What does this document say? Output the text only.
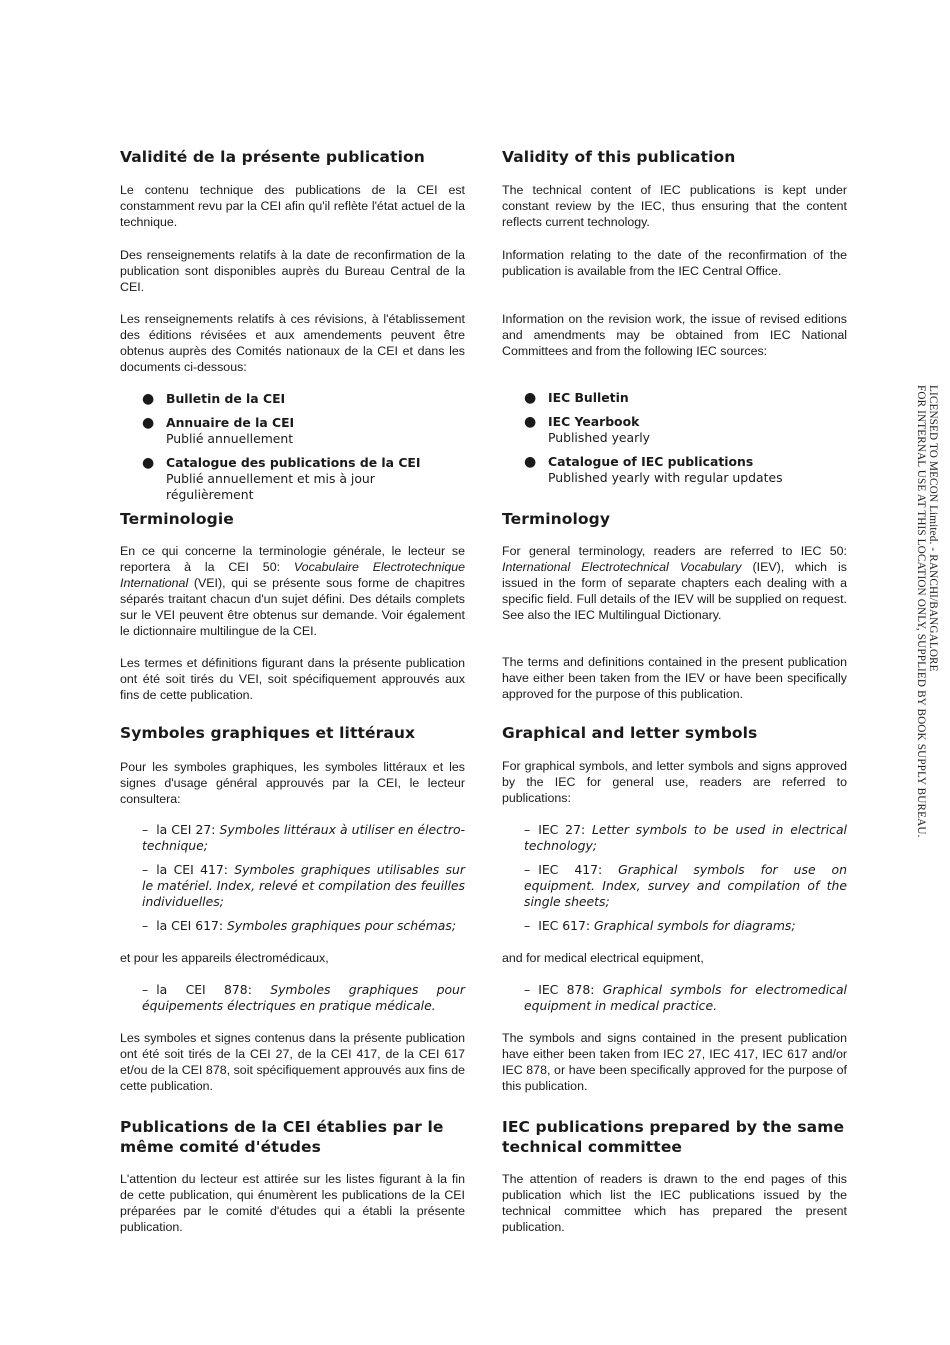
Validité de la présente publication

Le contenu technique des publications de la CEI est constamment revu par la CEI afin qu'il reflète l'état actuel de la technique.

Des renseignements relatifs à la date de reconfirmation de la publication sont disponibles auprès du Bureau Central de la CEI.

Les renseignements relatifs à ces révisions, à l'établissement des éditions révisées et aux amendements peuvent être obtenus auprès des Comités nationaux de la CEI et dans les documents ci-dessous:

● Bulletin de la CEI
● Annuaire de la CEI
Publié annuellement
● Catalogue des publications de la CEI
Publié annuellement et mis à jour régulièrement
Terminologie

En ce qui concerne la terminologie générale, le lecteur se reportera à la CEI 50: Vocabulaire Electrotechnique International (VEI), qui se présente sous forme de chapitres séparés traitant chacun d'un sujet défini. Des détails complets sur le VEI peuvent être obtenus sur demande. Voir également le dictionnaire multilingue de la CEI.

Les termes et définitions figurant dans la présente publication ont été soit tirés du VEI, soit spécifiquement approuvés aux fins de cette publication.

Symboles graphiques et littéraux

Pour les symboles graphiques, les symboles littéraux et les signes d'usage général approuvés par la CEI, le lecteur consultera:

– la CEI 27: Symboles littéraux à utiliser en électro-technique;

– la CEI 417: Symboles graphiques utilisables sur le matériel. Index, relevé et compilation des feuilles individuelles;

– la CEI 617: Symboles graphiques pour schémas;

et pour les appareils électromédicaux,

– la CEI 878: Symboles graphiques pour équipements électriques en pratique médicale.

Les symboles et signes contenus dans la présente publication ont été soit tirés de la CEI 27, de la CEI 417, de la CEI 617 et/ou de la CEI 878, soit spécifiquement approuvés aux fins de cette publication.

Publications de la CEI établies par le même comité d'études

L'attention du lecteur est attirée sur les listes figurant à la fin de cette publication, qui énumèrent les publications de la CEI préparées par le comité d'études qui a établi la présente publication.

Validity of this publication

The technical content of IEC publications is kept under constant review by the IEC, thus ensuring that the content reflects current technology.

Information relating to the date of the reconfirmation of the publication is available from the IEC Central Office.

Information on the revision work, the issue of revised editions and amendments may be obtained from IEC National Committees and from the following IEC sources:

● IEC Bulletin
● IEC Yearbook
Published yearly
● Catalogue of IEC publications
Published yearly with regular updates
Terminology

For general terminology, readers are referred to IEC 50: International Electrotechnical Vocabulary (IEV), which is issued in the form of separate chapters each dealing with a specific field. Full details of the IEV will be supplied on request. See also the IEC Multilingual Dictionary.

The terms and definitions contained in the present publication have either been taken from the IEV or have been specifically approved for the purpose of this publication.

Graphical and letter symbols

For graphical symbols, and letter symbols and signs approved by the IEC for general use, readers are referred to publications:

– IEC 27: Letter symbols to be used in electrical technology;

– IEC 417: Graphical symbols for use on equipment. Index, survey and compilation of the single sheets;

– IEC 617: Graphical symbols for diagrams;

and for medical electrical equipment,

– IEC 878: Graphical symbols for electromedical equipment in medical practice.

The symbols and signs contained in the present publication have either been taken from IEC 27, IEC 417, IEC 617 and/or IEC 878, or have been specifically approved for the purpose of this publication.

IEC publications prepared by the same technical committee

The attention of readers is drawn to the end pages of this publication which list the IEC publications issued by the technical committee which has prepared the present publication.

LICENSED TO MECON Limited. - RANCHI/BANGALORE
FOR INTERNAL USE AT THIS LOCATION ONLY, SUPPLIED BY BOOK SUPPLY BUREAU.
